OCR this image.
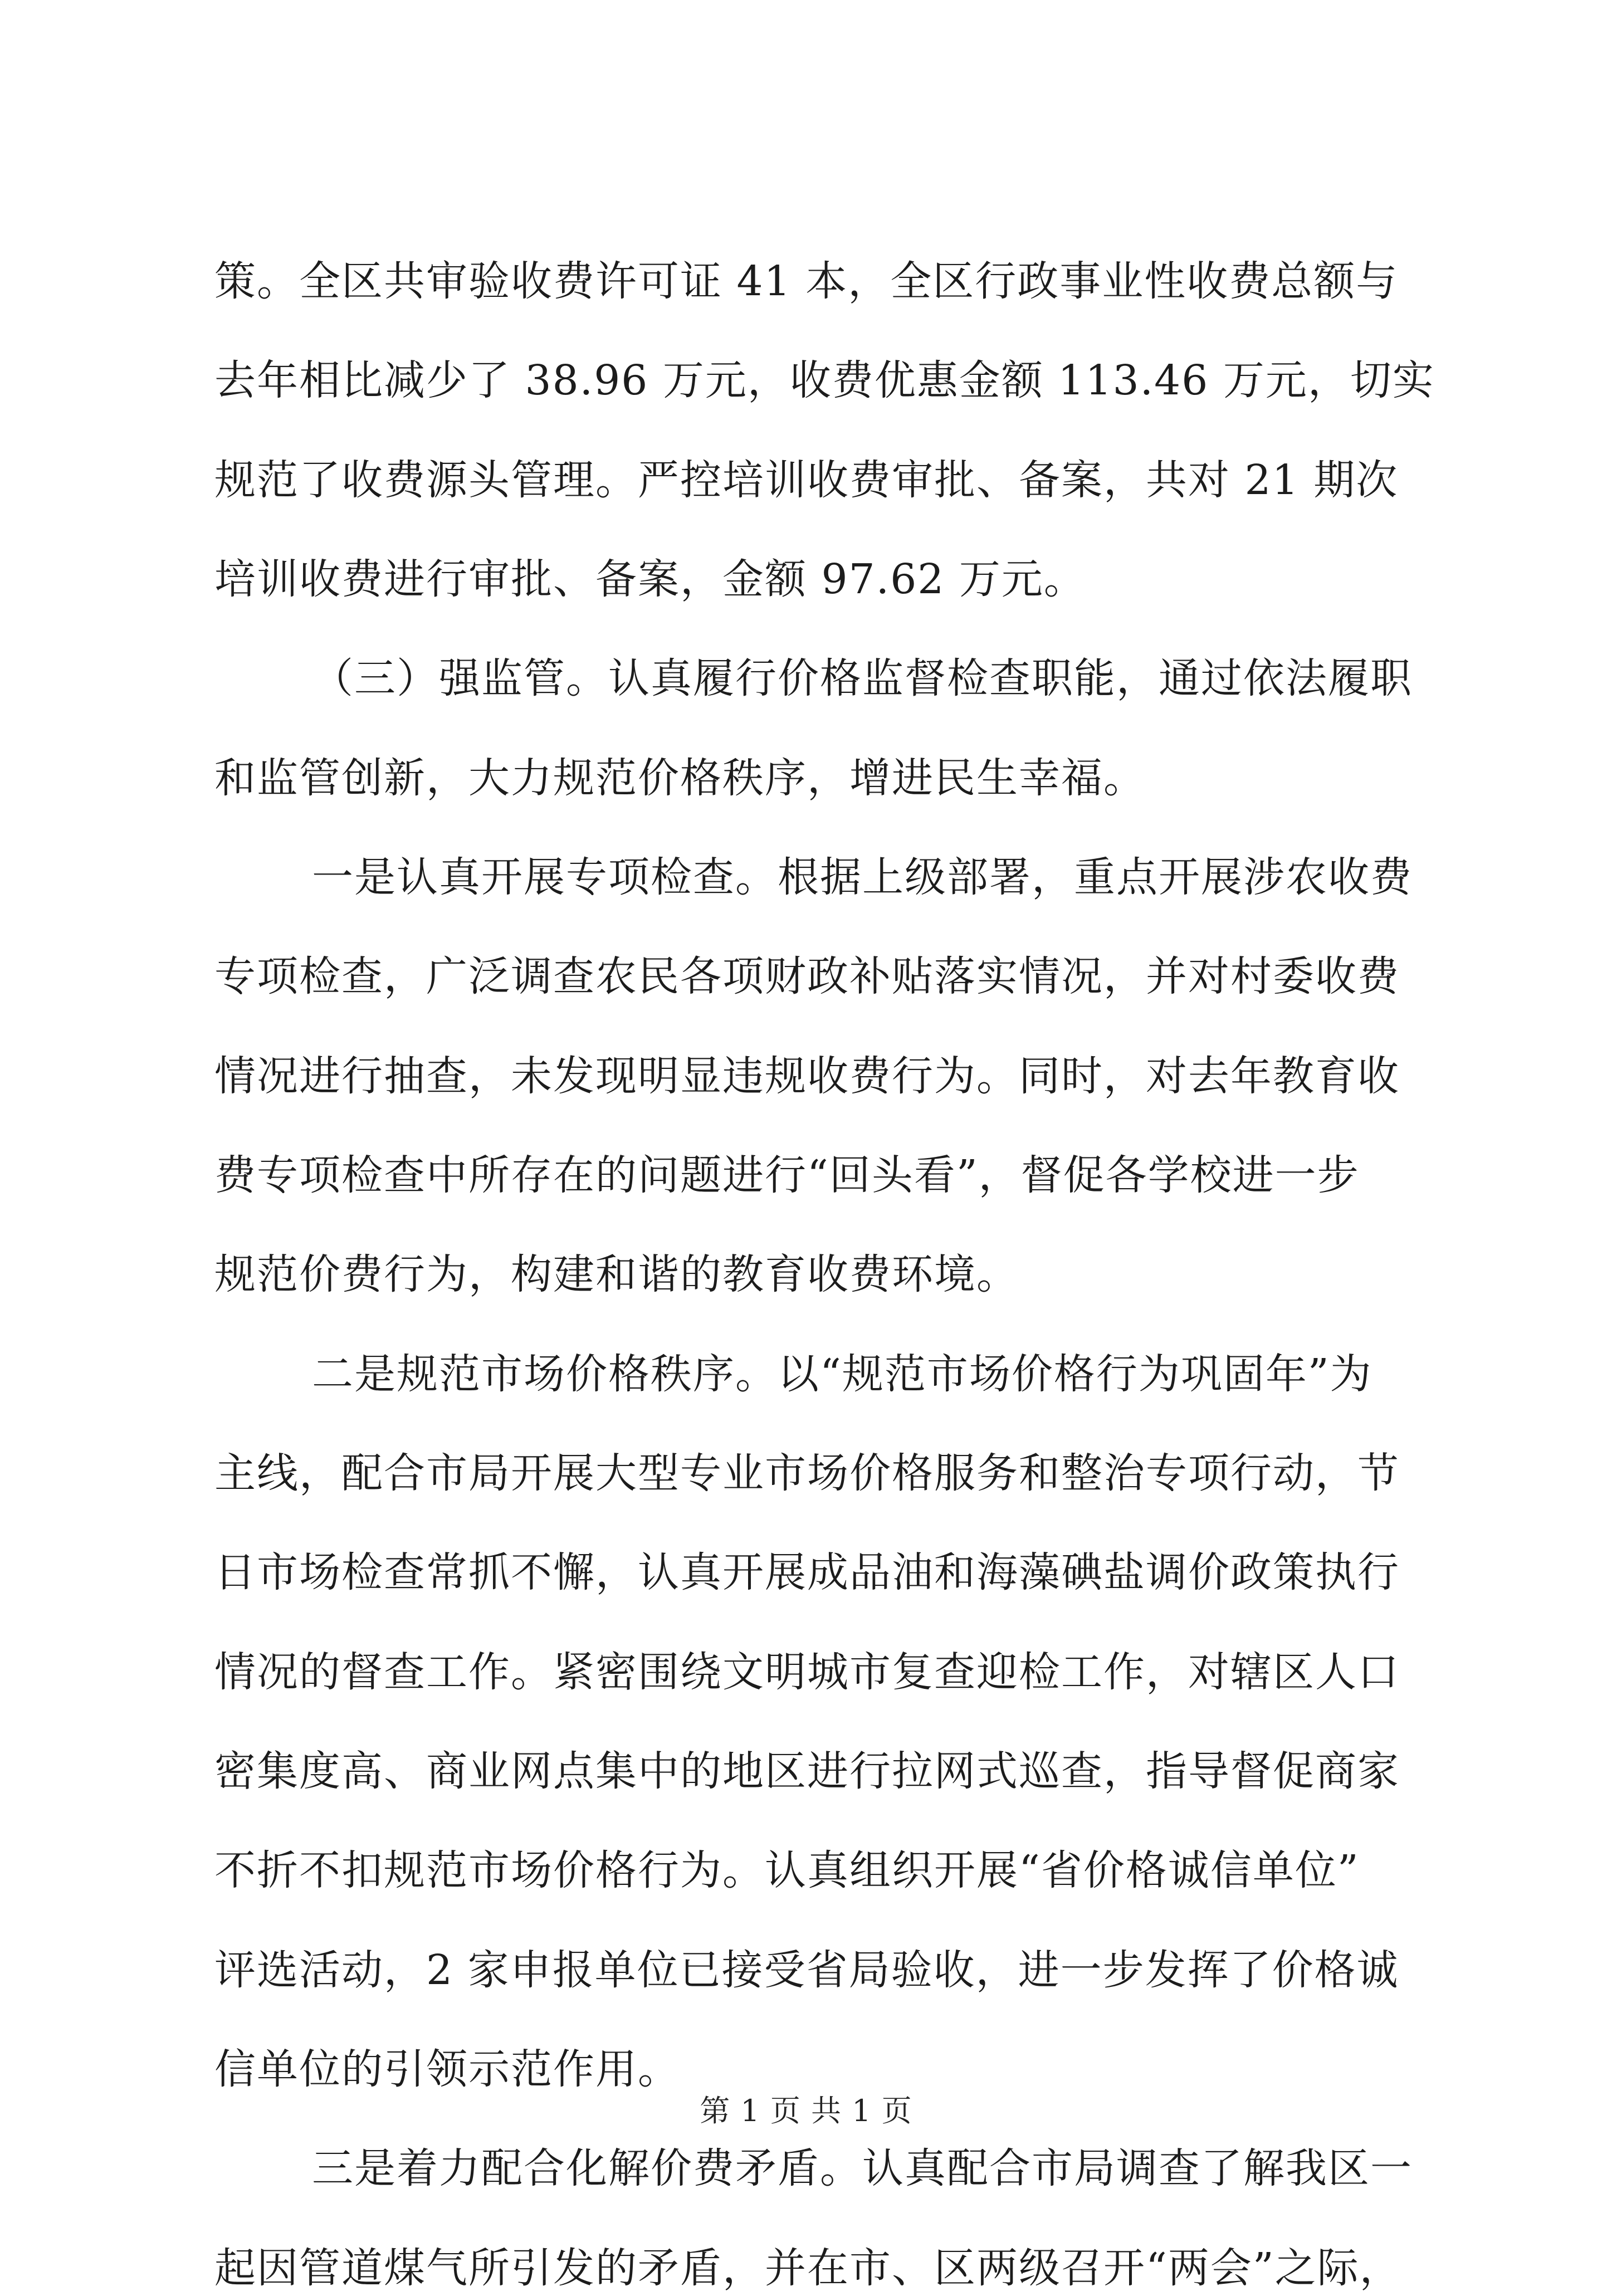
策。全区共审验收费许可证 41 本，全区行政事业性收费总额与
去年相比减少了 38.96 万元，收费优惠金额 113.46 万元，切实
规范了收费源头管理。严控培训收费审批、备案，共对 21 期次
培训收费进行审批、备案，金额 97.62 万元。
（三）强监管。认真履行价格监督检查职能，通过依法履职
和监管创新，大力规范价格秩序，增进民生幸福。
一是认真开展专项检查。根据上级部署，重点开展涉农收费
专项检查，广泛调查农民各项财政补贴落实情况，并对村委收费
情况进行抽查，未发现明显违规收费行为。同时，对去年教育收
费专项检查中所存在的问题进行“回头看”，督促各学校进一步
规范价费行为，构建和谐的教育收费环境。
二是规范市场价格秩序。以“规范市场价格行为巩固年”为
主线，配合市局开展大型专业市场价格服务和整治专项行动，节
日市场检查常抓不懈，认真开展成品油和海藻碘盐调价政策执行
情况的督查工作。紧密围绕文明城市复查迎检工作，对辖区人口
密集度高、商业网点集中的地区进行拉网式巡查，指导督促商家
不折不扣规范市场价格行为。认真组织开展“省价格诚信单位”
评选活动，2 家申报单位已接受省局验收，进一步发挥了价格诚
信单位的引领示范作用。
三是着力配合化解价费矛盾。认真配合市局调查了解我区一
起因管道煤气所引发的矛盾，并在市、区两级召开“两会”之际，
第 1 页 共 1 页
